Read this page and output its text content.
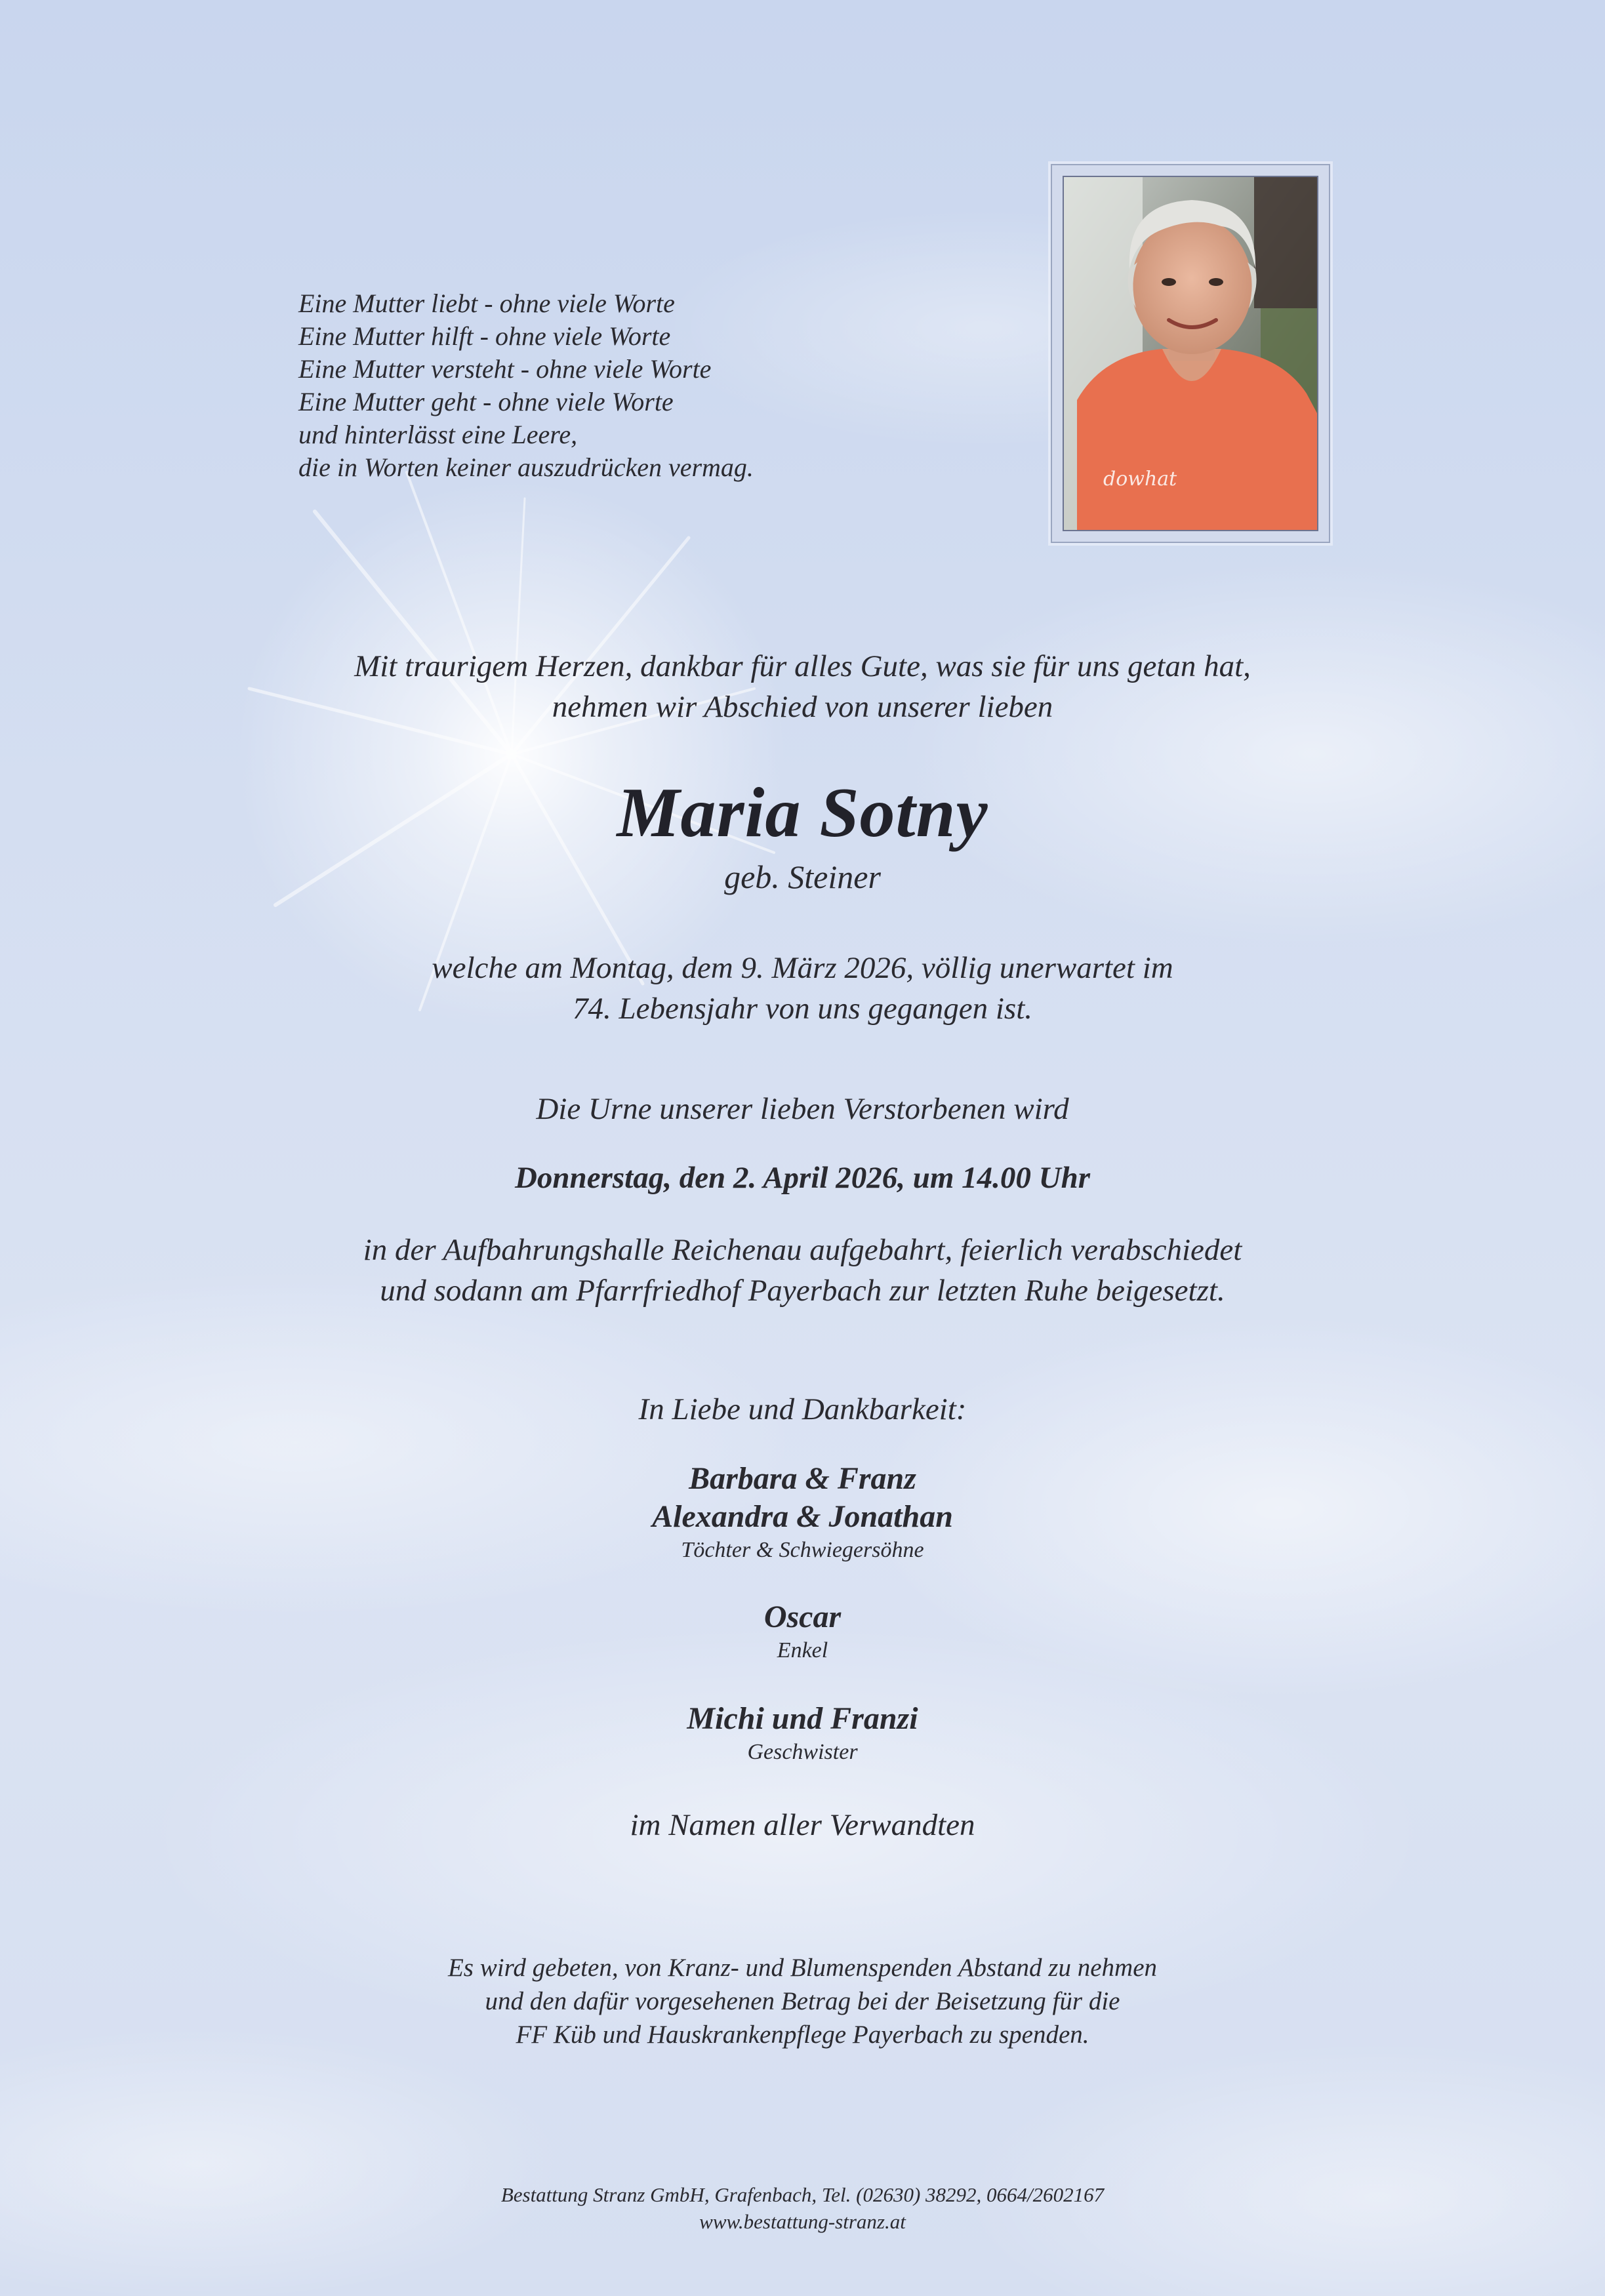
Eine Mutter liebt - ohne viele Worte
Eine Mutter hilft - ohne viele Worte
Eine Mutter versteht - ohne viele Worte
Eine Mutter geht - ohne viele Worte
und hinterlässt eine Leere,
die in Worten keiner auszudrücken vermag.	dowhat
Mit traurigem Herzen, dankbar für alles Gute, was sie für uns getan hat,
nehmen wir Abschied von unserer lieben
Maria Sotny
geb. Steiner
welche am Montag, dem 9. März 2026, völlig unerwartet im
74. Lebensjahr von uns gegangen ist.
Die Urne unserer lieben Verstorbenen wird
Donnerstag, den 2. April 2026, um 14.00 Uhr
in der Aufbahrungshalle Reichenau aufgebahrt, feierlich verabschiedet
und sodann am Pfarrfriedhof Payerbach zur letzten Ruhe beigesetzt.
In Liebe und Dankbarkeit:
Barbara & Franz
Alexandra & Jonathan
Töchter & Schwiegersöhne
Oscar
Enkel
Michi und Franzi
Geschwister
im Namen aller Verwandten
Es wird gebeten, von Kranz- und Blumenspenden Abstand zu nehmen
und den dafür vorgesehenen Betrag bei der Beisetzung für die
FF Küb und Hauskrankenpflege Payerbach zu spenden.
Bestattung Stranz GmbH, Grafenbach, Tel. (02630) 38292, 0664/2602167
www.bestattung-stranz.at
